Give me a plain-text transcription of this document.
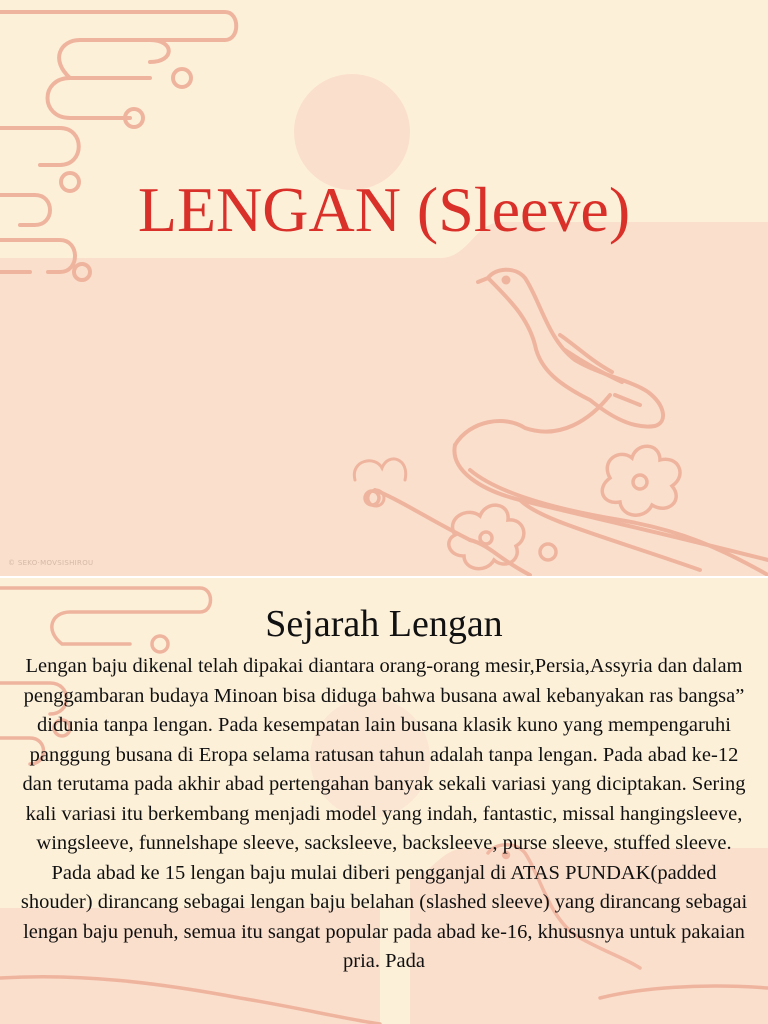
LENGAN (Sleeve)
© SEKO·MOVSISHIROU
Sejarah Lengan

Lengan baju dikenal telah dipakai diantara orang-orang mesir,Persia,Assyria dan dalam penggambaran budaya Minoan bisa diduga bahwa busana awal kebanyakan ras bangsa” didunia tanpa lengan. Pada kesempatan lain busana klasik kuno yang mempengaruhi panggung busana di Eropa selama ratusan tahun adalah tanpa lengan. Pada abad ke-12 dan terutama pada akhir abad pertengahan banyak sekali variasi yang diciptakan. Sering kali variasi itu berkembang menjadi model yang indah, fantastic, missal hangingsleeve, wingsleeve, funnelshape sleeve, sacksleeve, backsleeve, purse sleeve, stuffed sleeve. Pada abad ke 15 lengan baju mulai diberi pengganjal di ATAS PUNDAK(padded shouder) dirancang sebagai lengan baju belahan (slashed sleeve) yang dirancang sebagai lengan baju penuh, semua itu sangat popular pada abad ke-16, khususnya untuk pakaian pria. Pada
